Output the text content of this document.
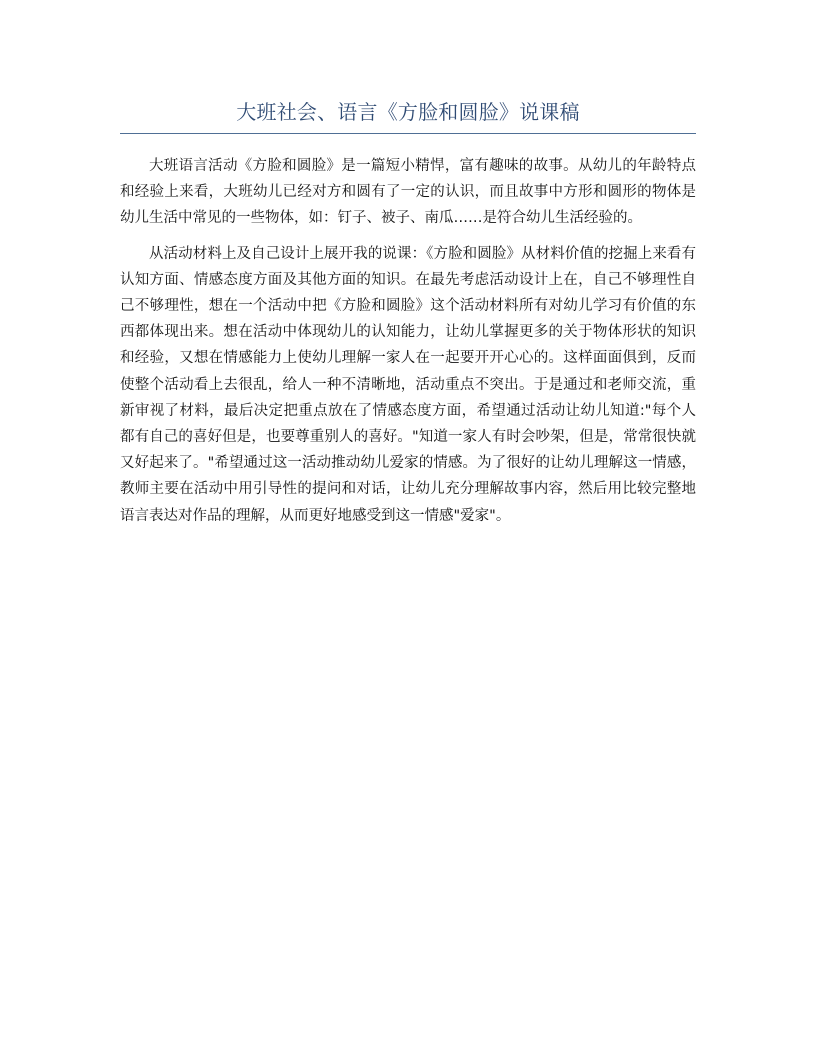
大班社会、语言《方脸和圆脸》说课稿

大班语言活动《方脸和圆脸》是一篇短小精悍，富有趣味的故事。从幼儿的年龄特点和经验上来看，大班幼儿已经对方和圆有了一定的认识，而且故事中方形和圆形的物体是幼儿生活中常见的一些物体，如：钉子、被子、南瓜……是符合幼儿生活经验的。

从活动材料上及自己设计上展开我的说课：《方脸和圆脸》从材料价值的挖掘上来看有认知方面、情感态度方面及其他方面的知识。在最先考虑活动设计上在，自己不够理性自己不够理性，想在一个活动中把《方脸和圆脸》这个活动材料所有对幼儿学习有价值的东西都体现出来。想在活动中体现幼儿的认知能力，让幼儿掌握更多的关于物体形状的知识和经验，又想在情感能力上使幼儿理解一家人在一起要开开心心的。这样面面俱到，反而使整个活动看上去很乱，给人一种不清晰地，活动重点不突出。于是通过和老师交流，重新审视了材料，最后决定把重点放在了情感态度方面，希望通过活动让幼儿知道:"每个人都有自己的喜好但是，也要尊重别人的喜好。"知道一家人有时会吵架，但是，常常很快就又好起来了。"希望通过这一活动推动幼儿爱家的情感。为了很好的让幼儿理解这一情感，教师主要在活动中用引导性的提问和对话，让幼儿充分理解故事内容，然后用比较完整地语言表达对作品的理解，从而更好地感受到这一情感"爱家"。
